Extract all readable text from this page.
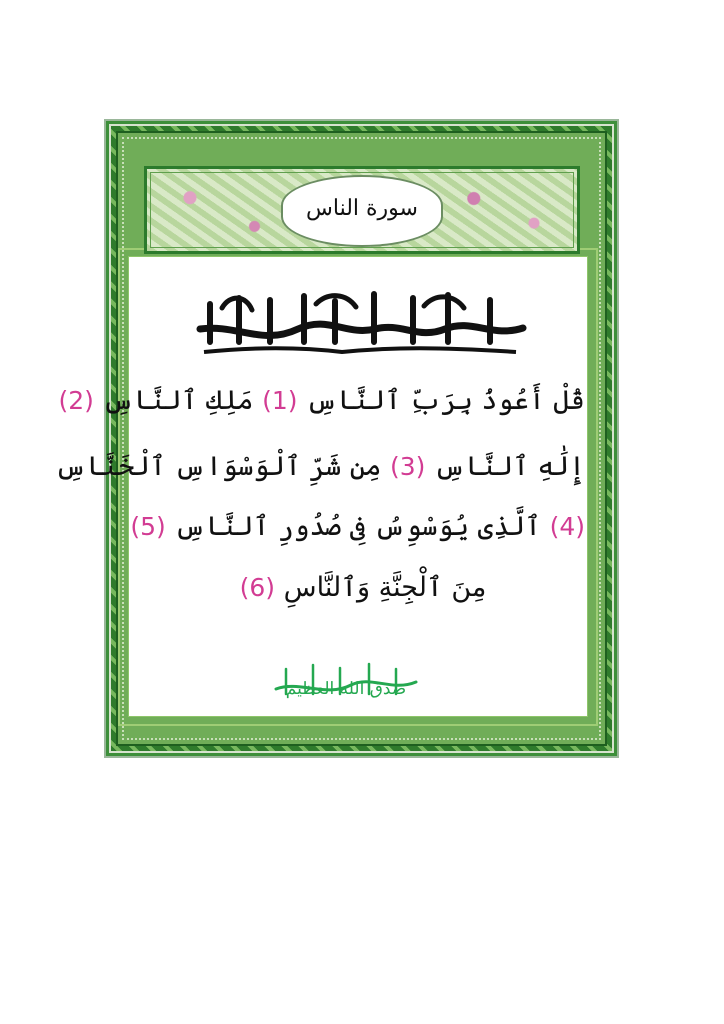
سورة الناس
قُلْ أَعُوذُ بِرَبِّ ٱلنَّاسِ (1) مَلِكِ ٱلنَّاسِ (2)
إِلَٰهِ ٱلنَّاسِ (3) مِن شَرِّ ٱلْوَسْوَاسِ ٱلْخَنَّاسِ
(4) ٱلَّذِى يُوَسْوِسُ فِى صُدُورِ ٱلنَّاسِ (5)
مِنَ ٱلْجِنَّةِ وَٱلنَّاسِ (6)
صدق الله العظيم
